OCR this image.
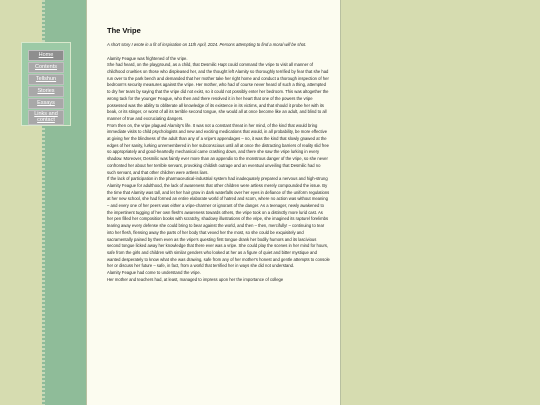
Home
Contents
Tellshun
Stories
Essays
Links and contact
The Vripe
A short story I wrote in a fit of inspiration on 11th April, 2024. Persons attempting to find a moral will be shot.

Alamity Feague was frightened of the vripe.

She had heard, on the playground, as a child, that Desmilic Hapt could command the vripe to visit all manner of childhood cruelties on those who displeased her, and the thought left Alamity so thoroughly terrified by fear that she had run over to the park bench and demanded that her mother take her right home and conduct a thorough inspection of her bedroom's security measures against the vripe. Her mother, who had of course never heard of such a thing, attempted to dry her tears by saying that the vripe did not exist, so it could not possibly enter her bedroom. This was altogether the wrong tack for the younger Feague, who then and there resolved it in her heart that one of the powers the vripe possessed was the ability to obliterate all knowledge of its existence in its victims, and that should it probe her with its beak, or its stinger, or worst of all its terrible second tongue, she would all at once become like an adult, and blind to all manner of true and excruciating dangers.

From then on, the vripe plagued Alamity's life. It was not a constant threat in her mind, of the kind that would bring immediate visits to child psychologists and new and exciting medications that would, in all probability, be more effective at giving her the blindness of the adult than any of a vripe's appendages – no, it was the kind that slowly gnawed at the edges of her sanity, lurking unremembered in her subconscious until all at once the distracting barriers of reality slid free so appropriately and good-heartedly mechanical came crashing down, and there she saw the vripe lurking in every shadow. Moreover, Desmilic was faintly ever more than an appendix to the monstrous danger of the vripe, so she never confronted her about her terrible servant, provoking childish outrage and an eventual unveiling that Desmilic had no such servant, and that other children were artless liars.

If the lack of participation in the pharmaceutical-industrial system had inadequately prepared a nervous and high-strung Alamity Feague for adulthood, the lack of awareness that other children were artless merely compounded the issue. By the time that Alamity was tall, and let her hair grow in dark waterfalls over her eyes in defiance of the uniform regulations at her new school, she had formed an entire elaborate world of hatred and scorn, where no action was without meaning – and every one of her peers was either a vripe-charmer or ignorant of the danger. As a teenager, newly awakened to the impertinent tugging of her own flesh's awareness towards others, the vripe took on a distinctly more lurid cast. As her pen filled her composition books with scratchy, shadowy illustrations of the vripe, she imagined its rapturel forelimbs tearing away every defense she could bring to bear against the world, and then – then, mercifully! – continuing to tear into her flesh, flensing away the parts of her body that vexed her the most, so she could be exquisitely and sacramentally pained by them even as the vripe's questing first tongue drank her bodily humors and its lascivious second tongue licked away her knowledge that there ever was a vripe. She could play the scenes in her mind for hours, safe from the girls and children with similar genders who looked at her as a figure of quiet and bitter mystique and wanted desperately to know what she was drawing, safe from any of her mother's honest and gentle attempts to console her or discuss her future – safe, in fact, from a world that terrified her in ways she did not understand.

Alamity Feague had come to understand the vripe.

Her mother and teachers had, at least, managed to impress upon her the importance of college
